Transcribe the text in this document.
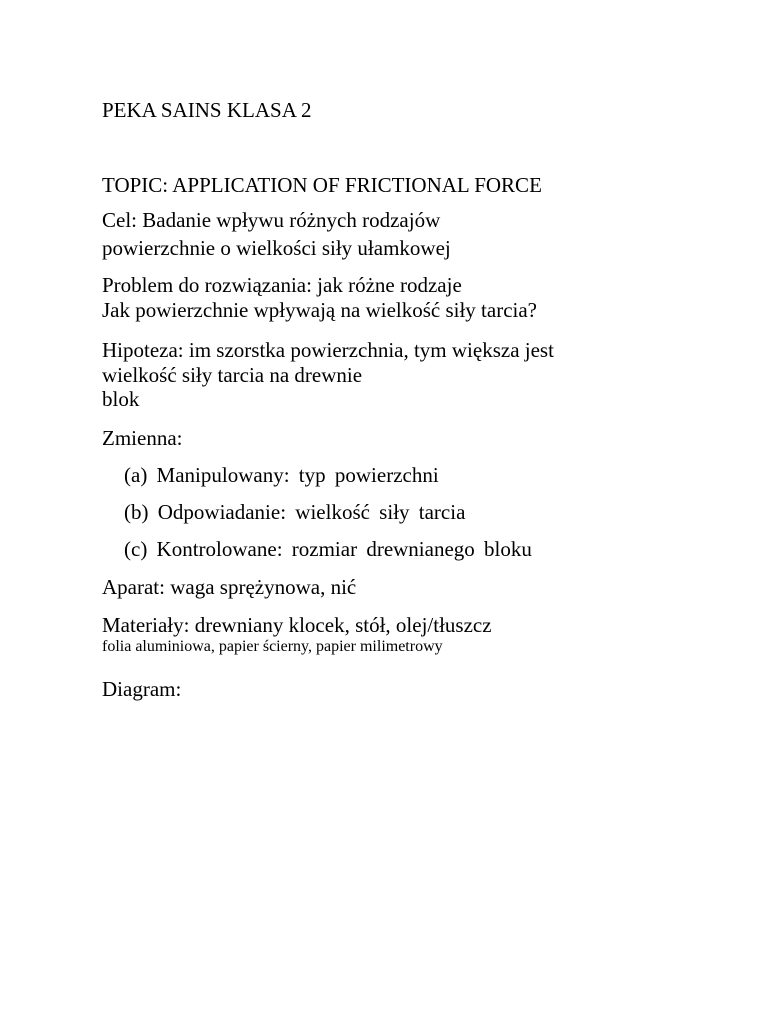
PEKA SAINS KLASA 2

TOPIC: APPLICATION OF FRICTIONAL FORCE

Cel: Badanie wpływu różnych rodzajów

powierzchnie o wielkości siły ułamkowej

Problem do rozwiązania: jak różne rodzaje

Jak powierzchnie wpływają na wielkość siły tarcia?

Hipoteza: im szorstka powierzchnia, tym większa jest

wielkość siły tarcia na drewnie

blok

Zmienna:

(a) Manipulowany: typ powierzchni

(b) Odpowiadanie: wielkość siły tarcia

(c) Kontrolowane: rozmiar drewnianego bloku

Aparat: waga sprężynowa, nić

Materiały: drewniany klocek, stół, olej/tłuszcz

folia aluminiowa, papier ścierny, papier milimetrowy

Diagram:
